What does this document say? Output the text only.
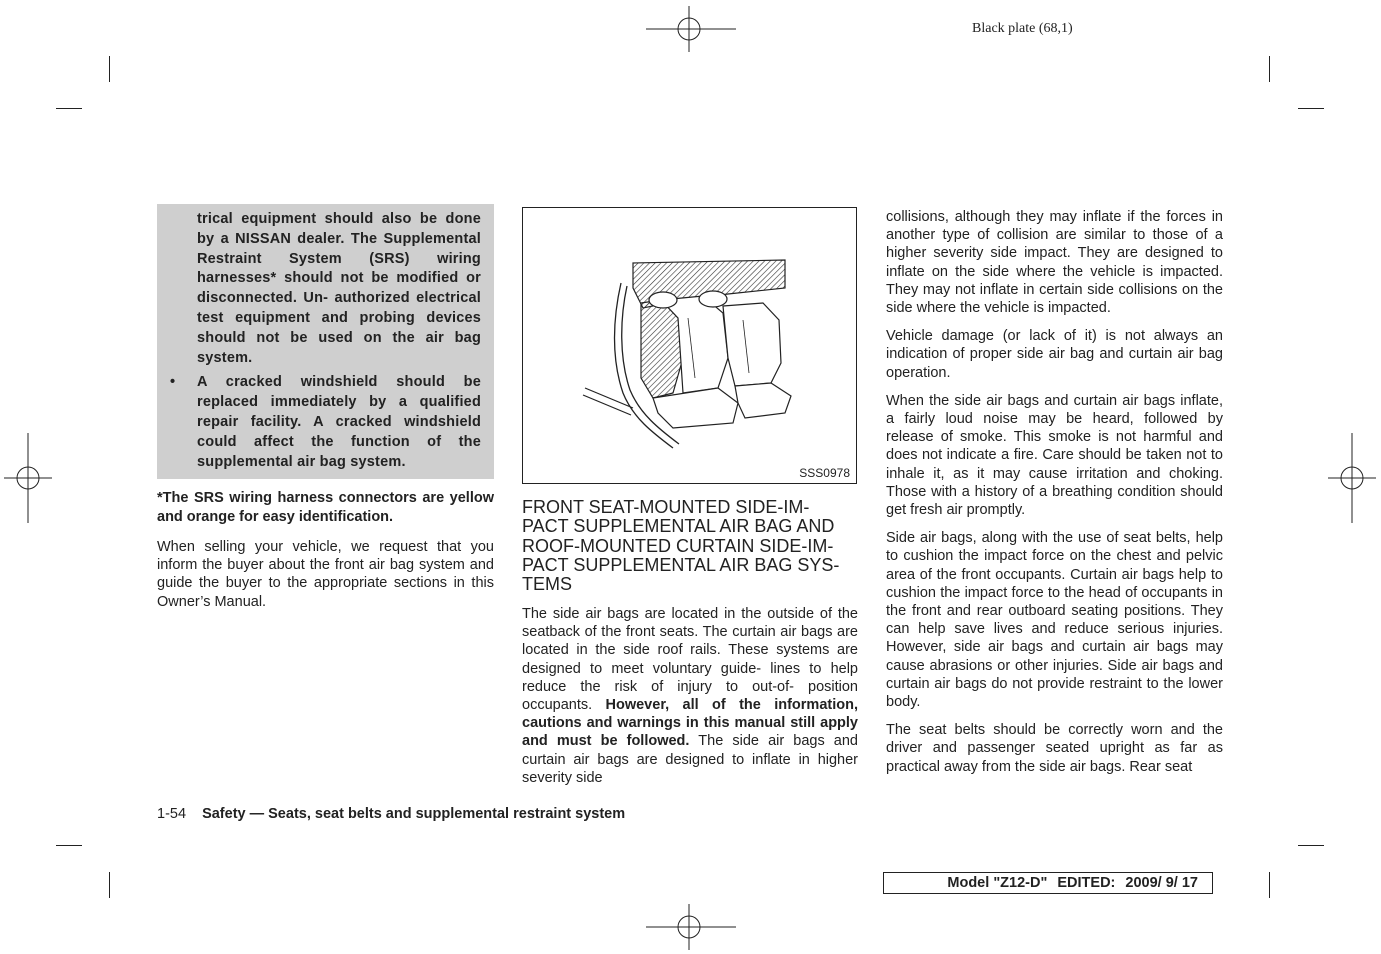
Black plate (68,1)
trical equipment should also be done by a NISSAN dealer. The Supplemental Restraint System (SRS) wiring harnesses* should not be modified or disconnected. Un- authorized electrical test equipment and probing devices should not be used on the air bag system.
• A cracked windshield should be replaced immediately by a qualified repair facility. A cracked windshield could affect the function of the supplemental air bag system.
*The SRS wiring harness connectors are yellow and orange for easy identification.

When selling your vehicle, we request that you inform the buyer about the front air bag system and guide the buyer to the appropriate sections in this Owner’s Manual.

SSS0978
FRONT SEAT-MOUNTED SIDE-IM- PACT SUPPLEMENTAL AIR BAG AND ROOF-MOUNTED CURTAIN SIDE-IM- PACT SUPPLEMENTAL AIR BAG SYS- TEMS

The side air bags are located in the outside of the seatback of the front seats. The curtain air bags are located in the side roof rails. These systems are designed to meet voluntary guide- lines to help reduce the risk of injury to out-of- position occupants. However, all of the information, cautions and warnings in this manual still apply and must be followed. The side air bags and curtain air bags are designed to inflate in higher severity side

collisions, although they may inflate if the forces in another type of collision are similar to those of a higher severity side impact. They are designed to inflate on the side where the vehicle is impacted. They may not inflate in certain side collisions on the side where the vehicle is impacted.

Vehicle damage (or lack of it) is not always an indication of proper side air bag and curtain air bag operation.

When the side air bags and curtain air bags inflate, a fairly loud noise may be heard, followed by release of smoke. This smoke is not harmful and does not indicate a fire. Care should be taken not to inhale it, as it may cause irritation and choking. Those with a history of a breathing condition should get fresh air promptly.

Side air bags, along with the use of seat belts, help to cushion the impact force on the chest and pelvic area of the front occupants. Curtain air bags help to cushion the impact force to the head of occupants in the front and rear outboard seating positions. They can help save lives and reduce serious injuries. However, side air bags and curtain air bags may cause abrasions or other injuries. Side air bags and curtain air bags do not provide restraint to the lower body.

The seat belts should be correctly worn and the driver and passenger seated upright as far as practical away from the side air bags. Rear seat

1-54 Safety — Seats, seat belts and supplemental restraint system
Model "Z12-D" EDITED: 2009/ 9/ 17
